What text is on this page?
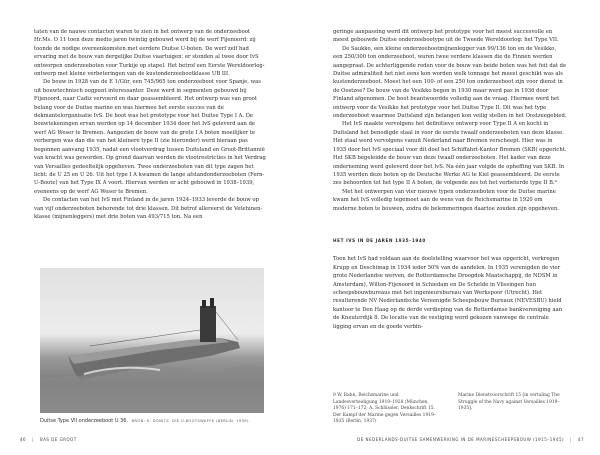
taten van de nauwe contacten waren te zien in het ontwerp van de onderzeeboot Hr.Ms. O 11 toen deze medio jaren twintig gebouwd werd bij de werf Fijenoord: zij toonde de nodige overeenkomsten met eerdere Duitse U-boten. De werf zelf had ervaring met de bouw van dergelijke Duitse vaartuigen: er stonden al twee door IvS ontworpen onderzeeboten voor Turkije op stapel. Het betrof een Eerste Wereldoorlog-ontwerp met kleine verbeteringen van de kustonderzeebootklasse UB III.

De bouw in 1928 van de E 1/Gür, een 745/965 ton onderzeeboot voor Spanje, was uit bouwtechnisch oogpunt interessanter. Deze werd in segmenten gebouwd bij Fijenoord, naar Cadiz vervoerd en daar geassembleerd. Het ontwerp was van groot belang voor de Duitse marine en was hiermee het eerste succes van de dekmantelorganisatie IvS. De boot was het prototype voor het Duitse Type I A. De bouwtekeningen ervan werden op 14 december 1934 door het IvS geleverd aan de werf AG Weser te Bremen. Aangezien de bouw van de grote I A boten moeilijker te verbergen was dan die van het kleinere type II (zie hieronder) werd hieraan pas begonnen aanvang 1935, nadat een vlootverdrag tussen Duitsland en Groot-Brittannië van kracht was geworden. Op grond daarvan werden de vlootrestricties in het Verdrag van Versailles gedeeltelijk opgeheven. Twee onderzeeboten van dit type zagen het licht: de U 25 en U 26. Uit het type I A kwamen de lange afstandonderzeeboten (Fern-U-Boote) van het Type IX A voort. Hiervan werden er acht gebouwd in 1938–1939, eveneens op de werf AG Weser te Bremen.

De contacten van het IvS met Finland in de jaren 1924–1933 leverde de bouw op van vijf onderzeeboten behorende tot drie klassen. Dit betrof allereerst de Vetehinen-klasse (mijnenleggers) met drie boten van 493/715 ton. Na een

Duitse Type VII onderzeeboot U 36. BRON: K. DÖNITZ, DIE U-BOOTSWAFFE (BERLIN, 1939).
46 | BAS DE GROOT

geringe aanpassing werd dit ontwerp het prototype voor het meest succesvolle en meest gebouwde Duitse onderzeebootype uit de Tweede Wereldoorlog: het Type VII.

De Saukko, een kleine onderzeebootmijnenlegger van 99/136 ton en de Vesikko, een 250/300 ton onderzeeboot, waren twee verdere klassen die de Finnen werden aangepraat. De achterliggende reden voor de bouw van beide boten was het feit dat de Duitse admiraliteit het niet eens kon worden welk tonnage het meest geschikt was als kustonderzeeboot. Moest het een 100- of een 250 ton onderzeeboot zijn voor dienst in de Oostzee? De bouw van de Vesikko begon in 1930 maar werd pas in 1936 door Finland afgenomen. De boot beantwoordde volledig aan de vraag. Hiermee werd het ontwerp voor de Vesikko het prototype voor het Duitse Type II. Dit was het type onderzeeboot waarmee Duitsland zijn belangen kon veilig stellen in het Oostzeegebied.

Het IvS maakte vervolgens het definitieve ontwerp voor Type II A en kocht in Duitsland het benodigde staal in voor de eerste twaalf onderzeeboten van deze klasse. Het staal werd vervolgens vanuit Nederland naar Bremen verscheept. Hier was in 1935 door het IvS speciaal voor dit doel het Schiffahrt-Kantor Bremen (SKB) opgericht. Het SKB begeleidde de bouw van deze twaalf onderzeeboten. Het kader van deze onderneming werd geleverd door het IvS. Na één jaar volgde de opheffing van SKB. In 1935 werden deze boten op de Deutsche Werke AG te Kiel geassembleerd. De eerste zes behoorden tot het type II A boten, de volgende zes tot het verbeterde type II B.⁹

Met het ontwerpen van vier nieuwe typen onderzeeboten voor de Duitse marine kwam het IvS volledig tegemoet aan de wens van de Reichsmarine in 1920 om moderne boten te bouwen, zodra de belemmeringen daartoe zouden zijn opgeheven.

HET IVS IN DE JAREN 1935–1940

Toen het IvS had voldaan aan de doelstelling waarvoor het was opgericht, verkregen Krupp en Deschimag in 1934 ieder 50% van de aandelen. In 1935 verenigden de vier grote Nederlandse werven, de Rotterdamsche Droogdok Maatschappij, de NDSM in Amsterdam), Wilton-Fijenoord in Schiedam en De Schelde in Vlissingen hun scheepsbouwbureaus met het ingenieursbureau van Werkspoor (Utrecht). Het resulterende NV Nederlandsche Vereenigde Scheepsbouw Bureaux (NEVESBU) hield kantoor te Den Haag op de derde verdieping van de Rotterdamse bankvereniging aan de Kneuterdijk 8. De locatie van de vestiging werd gekozen vanwege de centrale ligging ervan en de goede verbin-

9 W. Rahn, Reichsmarine und Landesverteidigung 1919–1928 (München, 1976) 171–172; A. Schlüssler, Denkschrift 15. Der Kampf der Marine gegen Versailles 1919–1935 (Berlin, 1937)
Marine Dienstvoorschrift 15 [in vertaling The Struggle of the Navy against Versailles 1919–1935].
DE NEDERLANDS-DUITSE SAMENWERKING IN DE MARINESCHEEPSBOUW (1915–1945) | 47
